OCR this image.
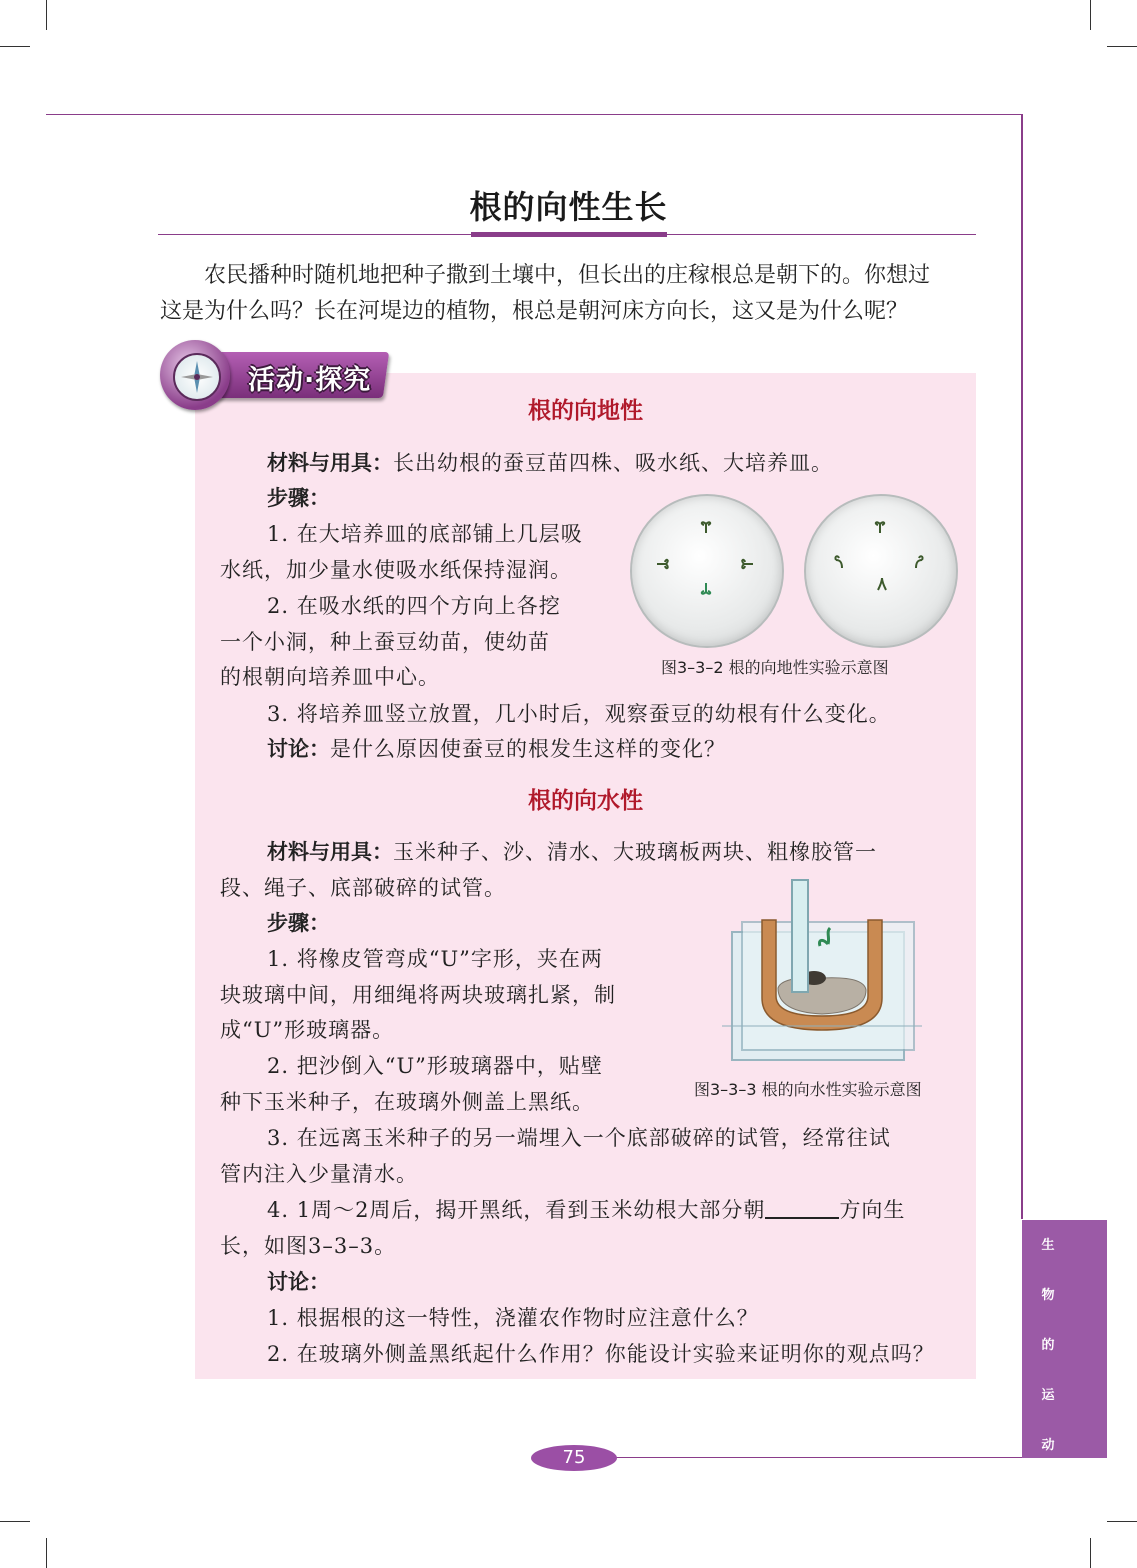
根的向性生长

农民播种时随机地把种子撒到土壤中，但长出的庄稼根总是朝下的。你想过

这是为什么吗？长在河堤边的植物，根总是朝河床方向长，这又是为什么呢？
活动·探究
根的向地性
材料与用具：长出幼根的蚕豆苗四株、吸水纸、大培养皿。
步骤：
1. 在大培养皿的底部铺上几层吸
水纸，加少量水使吸水纸保持湿润。
2. 在吸水纸的四个方向上各挖
一个小洞，种上蚕豆幼苗，使幼苗
的根朝向培养皿中心。
3. 将培养皿竖立放置，几小时后，观察蚕豆的幼根有什么变化。
讨论：是什么原因使蚕豆的根发生这样的变化？
图3–3–2 根的向地性实验示意图
根的向水性
材料与用具：玉米种子、沙、清水、大玻璃板两块、粗橡胶管一
段、绳子、底部破碎的试管。
步骤：
1. 将橡皮管弯成“U”字形，夹在两
块玻璃中间，用细绳将两块玻璃扎紧，制
成“U”形玻璃器。
2. 把沙倒入“U”形玻璃器中，贴壁
种下玉米种子，在玻璃外侧盖上黑纸。
3. 在远离玉米种子的另一端埋入一个底部破碎的试管，经常往试
管内注入少量清水。
4. 1周～2周后，揭开黑纸，看到玉米幼根大部分朝	方向生
长，如图3–3–3。
讨论：
1. 根据根的这一特性，浇灌农作物时应注意什么？
2. 在玻璃外侧盖黑纸起什么作用？你能设计实验来证明你的观点吗？
图3–3–3 根的向水性实验示意图
生
物
的
运
动
75
